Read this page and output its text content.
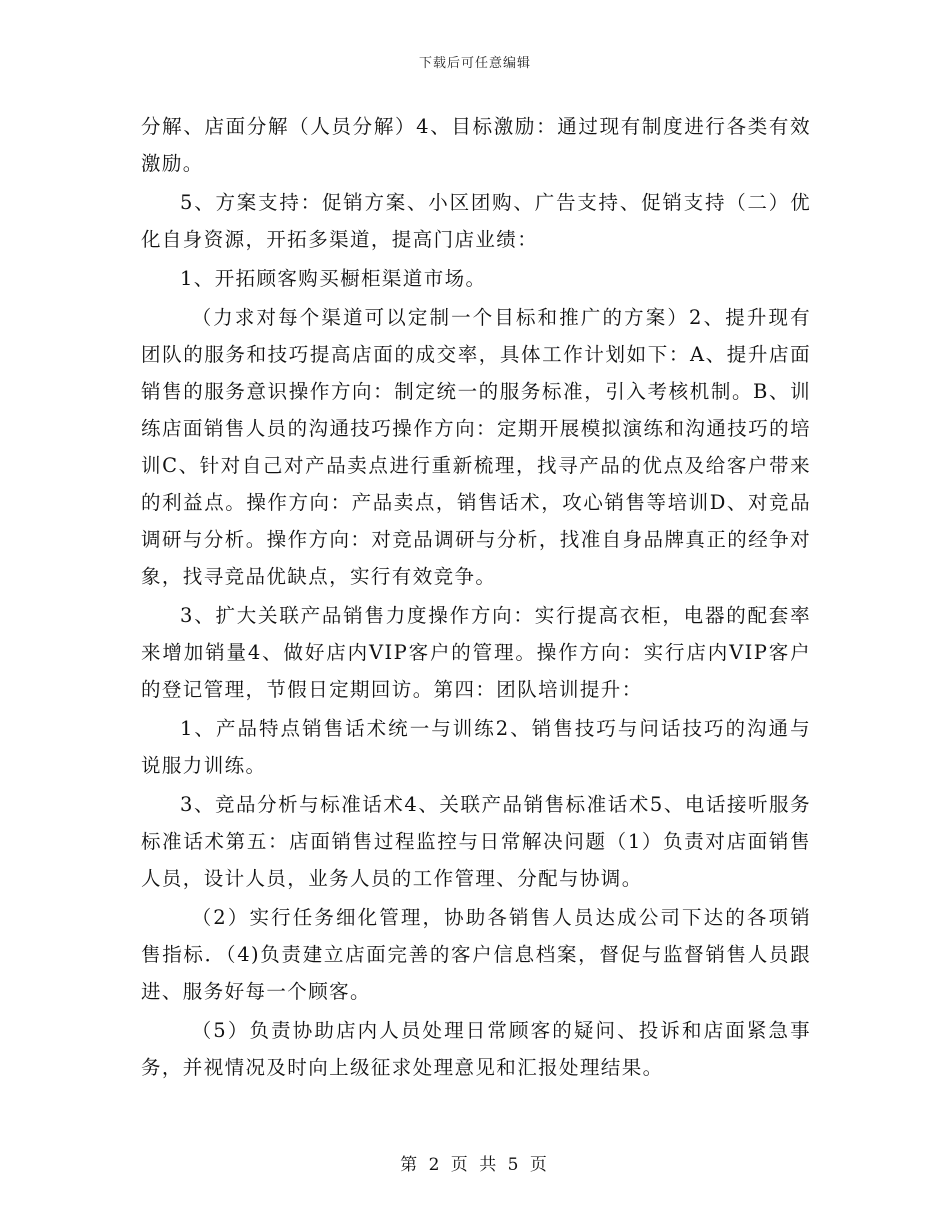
下载后可任意编辑

分解、店面分解（人员分解）4、目标激励：通过现有制度进行各类有效激励。

5、方案支持：促销方案、小区团购、广告支持、促销支持（二）优化自身资源，开拓多渠道，提高门店业绩：

1、开拓顾客购买橱柜渠道市场。

（力求对每个渠道可以定制一个目标和推广的方案）2、提升现有团队的服务和技巧提高店面的成交率，具体工作计划如下：A、提升店面销售的服务意识操作方向：制定统一的服务标准，引入考核机制。B、训练店面销售人员的沟通技巧操作方向：定期开展模拟演练和沟通技巧的培训C、针对自己对产品卖点进行重新梳理，找寻产品的优点及给客户带来的利益点。操作方向：产品卖点，销售话术，攻心销售等培训D、对竞品调研与分析。操作方向：对竞品调研与分析，找准自身品牌真正的经争对象，找寻竞品优缺点，实行有效竞争。

3、扩大关联产品销售力度操作方向：实行提高衣柜，电器的配套率来增加销量4、做好店内VIP客户的管理。操作方向：实行店内VIP客户的登记管理，节假日定期回访。第四：团队培训提升：

1、产品特点销售话术统一与训练2、销售技巧与问话技巧的沟通与说服力训练。

3、竞品分析与标准话术4、关联产品销售标准话术5、电话接听服务标准话术第五：店面销售过程监控与日常解决问题（1）负责对店面销售人员，设计人员，业务人员的工作管理、分配与协调。

（2）实行任务细化管理，协助各销售人员达成公司下达的各项销售指标．（4)负责建立店面完善的客户信息档案，督促与监督销售人员跟进、服务好每一个顾客。

（5）负责协助店内人员处理日常顾客的疑问、投诉和店面紧急事务，并视情况及时向上级征求处理意见和汇报处理结果。

第 2 页 共 5 页
